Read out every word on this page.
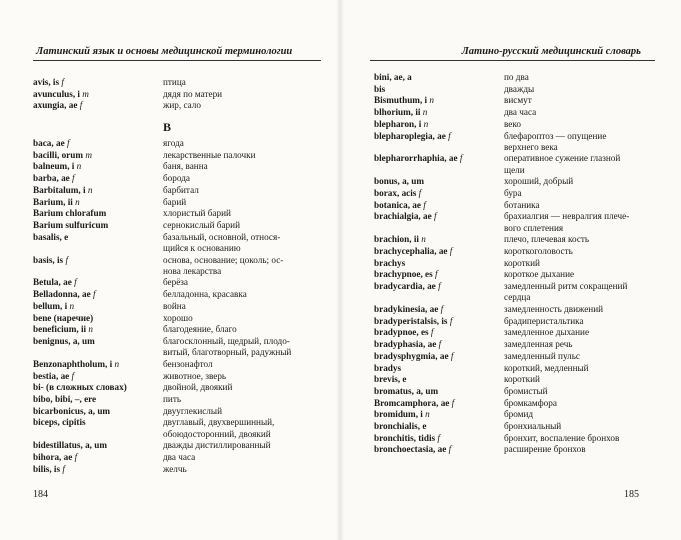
Латинский язык и основы медицинской терминологии
B
avis, is f	птица
avunculus, i m	дядя по матери
axungia, ae f	жир, сало
baca, ae f	ягода
bacilli, orum m	лекарственные палочки
balneum, i n	баня, ванна
barba, ae f	борода
Barbitalum, i n	барбитал
Barium, ii n	барий
Barium chlorafum	хлористый барий
Barium sulfuricum	сернокислый барий
basalis, e	базальный, основной, относя-
щийся к основанию
basis, is f	основа, основание; цоколь; ос-
нова лекарства
Betula, ae f	берёза
Belladonna, ae f	белладонна, красавка
bellum, i n	война
bene (наречие)	хорошо
beneficium, ii n	благодеяние, благо
benignus, a, um	благосклонный, щедрый, плодо-
витый, благотворный, радужный
Benzonaphtholum, i n	бензонафтол
bestia, ae f	животное, зверь
bi- (в сложных словах)	двойной, двоякий
bibo, bibi, –, ere	пить
bicarbonicus, a, um	двууглекислый
biceps, cipitis	двуглавый, двухвершинный,
обоюдосторонний, двоякий
bidestillatus, a, um	дважды дистиллированный
bihora, ae f	два часа
bilis, is f	желчь
184
Латино-русский медицинский словарь
bini, ae, a	по два
bis	дважды
Bismuthum, i n	висмут
blhorium, ii n	два часа
blepharon, i n	веко
blepharoplegia, ae f	блефароптоз — опущение
верхнего века
blepharorrhaphia, ae f	оперативное сужение глазной
щели
bonus, a, um	хороший, добрый
borax, acis f	бура
botanica, ae f	ботаника
brachialgia, ae f	брахиалгия — невралгия плече-
вого сплетения
brachion, ii n	плечо, плечевая кость
brachycephalia, ae f	короткоголовость
brachys	короткий
brachypnoe, es f	короткое дыхание
bradycardia, ae f	замедленный ритм сокращений
сердца
bradykinesia, ae f	замедленность движений
bradyperistalsis, is f	брадиперистальтика
bradypnoe, es f	замедленное дыхание
bradyphasia, ae f	замедленная речь
bradysphygmia, ae f	замедленный пульс
bradys	короткий, медленный
brevis, e	короткий
bromatus, a, um	бромистый
Bromcamphora, ae f	бромкамфора
bromidum, i n	бромид
bronchialis, e	бронхиальный
bronchitis, tidis f	бронхит, воспаление бронхов
bronchoectasia, ae f	расширение бронхов
185
